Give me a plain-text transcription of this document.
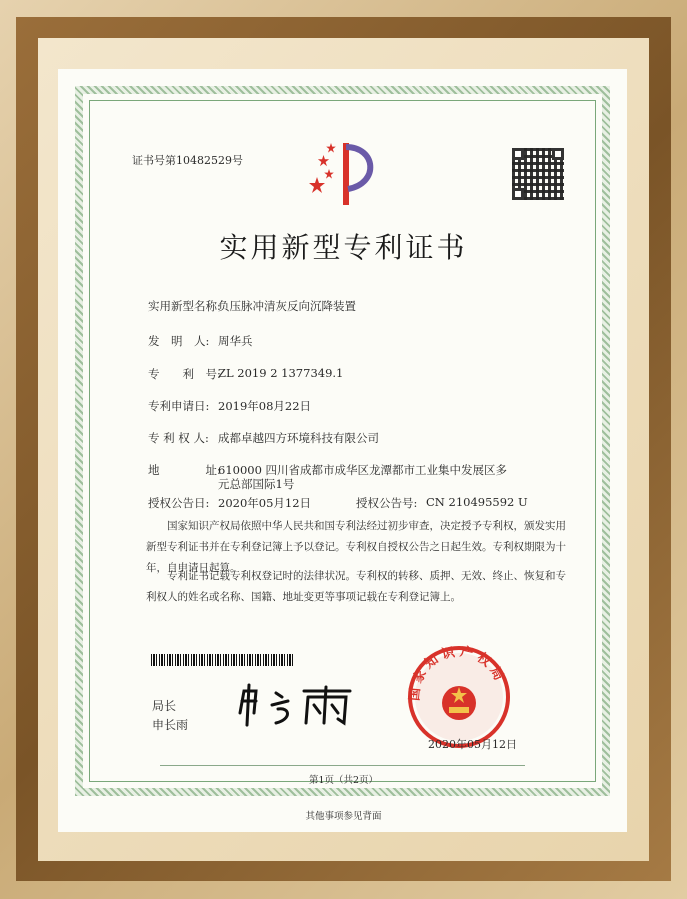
证书号第10482529号
实用新型专利证书
实用新型名称:
负压脉冲清灰反向沉降装置
发　明　人: 周华兵
专　　利　号:
ZL 2019 2 1377349.1
专利申请日: 2019年08月22日
专 利 权 人: 成都卓越四方环境科技有限公司
地　　　　址:
610000 四川省成都市成华区龙潭都市工业集中发展区多
元总部国际1号
授权公告日: 2020年05月12日	授权公告号: CN 210495592 U
国家知识产权局依照中华人民共和国专利法经过初步审查，决定授予专利权，颁发实用新型专利证书并在专利登记簿上予以登记。专利权自授权公告之日起生效。专利权期限为十年，自申请日起算。
专利证书记载专利权登记时的法律状况。专利权的转移、质押、无效、终止、恢复和专利权人的姓名或名称、国籍、地址变更等事项记载在专利登记簿上。
局长
申长雨
国家知识产权局
2020年05月12日
第1页（共2页）
其他事项参见背面
